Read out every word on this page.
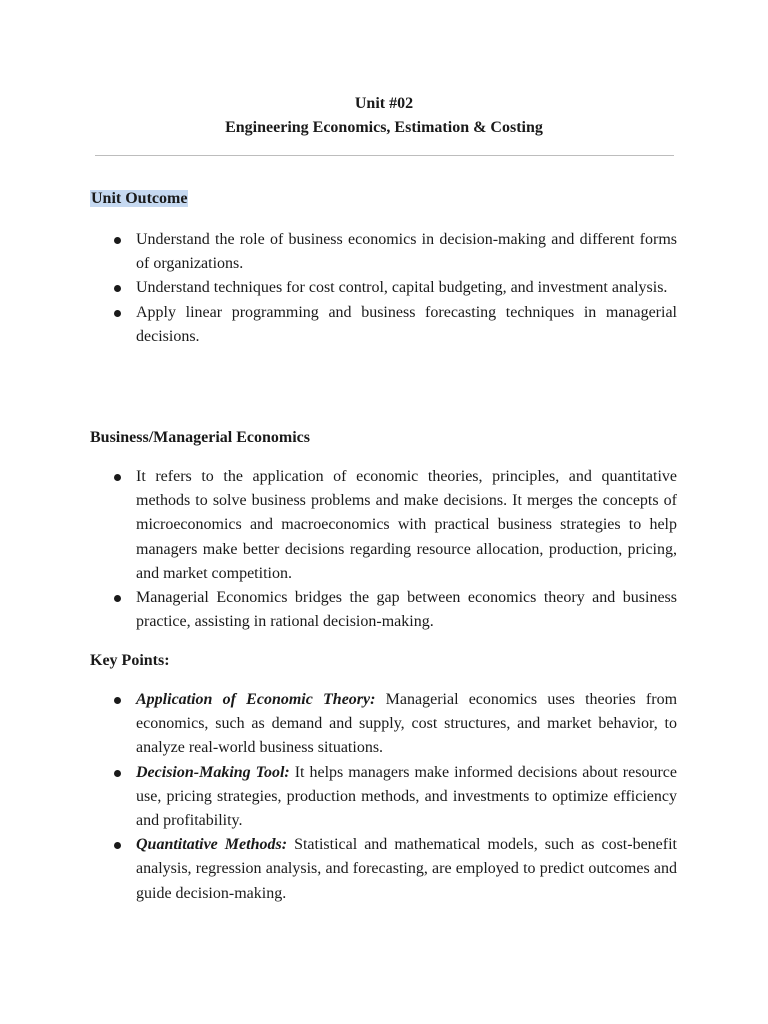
Unit #02
Engineering Economics, Estimation & Costing
Unit Outcome
Understand the role of business economics in decision-making and different forms of organizations.
Understand techniques for cost control, capital budgeting, and investment analysis.
Apply linear programming and business forecasting techniques in managerial decisions.
Business/Managerial Economics
It refers to the application of economic theories, principles, and quantitative methods to solve business problems and make decisions. It merges the concepts of microeconomics and macroeconomics with practical business strategies to help managers make better decisions regarding resource allocation, production, pricing, and market competition.
Managerial Economics bridges the gap between economics theory and business practice, assisting in rational decision-making.
Key Points:
Application of Economic Theory: Managerial economics uses theories from economics, such as demand and supply, cost structures, and market behavior, to analyze real-world business situations.
Decision-Making Tool: It helps managers make informed decisions about resource use, pricing strategies, production methods, and investments to optimize efficiency and profitability.
Quantitative Methods: Statistical and mathematical models, such as cost-benefit analysis, regression analysis, and forecasting, are employed to predict outcomes and guide decision-making.
